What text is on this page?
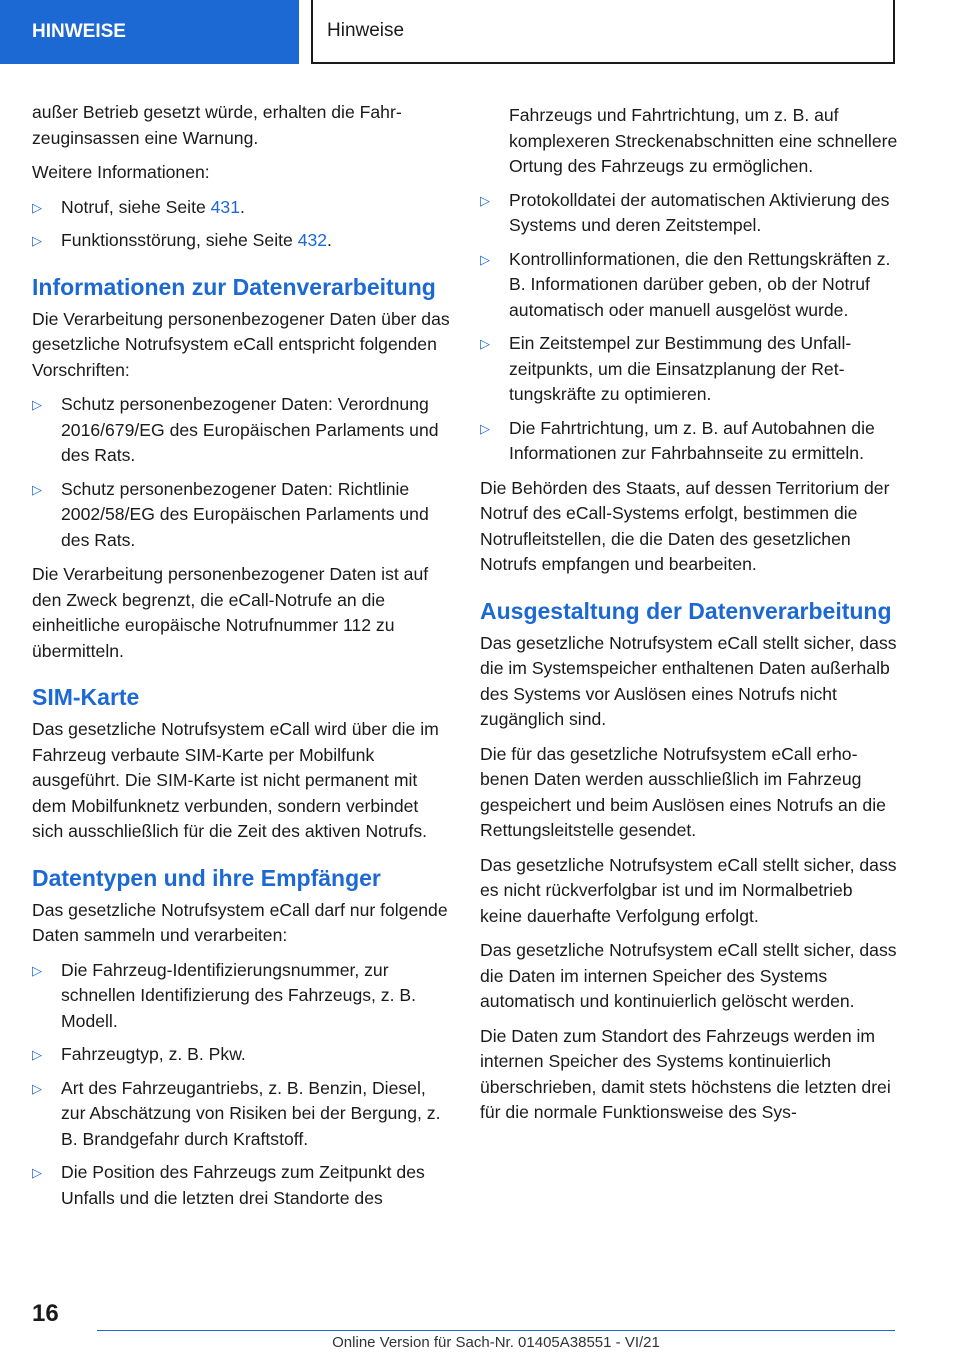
HINWEISE	Hinweise

außer Betrieb gesetzt würde, erhalten die Fahrzeuginsassen eine Warnung.

Weitere Informationen:

▷ Notruf, siehe Seite 431.
▷ Funktionsstörung, siehe Seite 432.
Informationen zur Datenverarbeitung

Die Verarbeitung personenbezogener Daten über das gesetzliche Notrufsystem eCall entspricht folgenden Vorschriften:

▷ Schutz personenbezogener Daten: Verordnung 2016/679/EG des Europäischen Parlaments und des Rats.
▷ Schutz personenbezogener Daten: Richtlinie 2002/58/EG des Europäischen Parlaments und des Rats.

Die Verarbeitung personenbezogener Daten ist auf den Zweck begrenzt, die eCall-Notrufe an die einheitliche europäische Notrufnummer 112 zu übermitteln.

SIM-Karte

Das gesetzliche Notrufsystem eCall wird über die im Fahrzeug verbaute SIM-Karte per Mobilfunk ausgeführt. Die SIM-Karte ist nicht permanent mit dem Mobilfunknetz verbunden, sondern verbindet sich ausschließlich für die Zeit des aktiven Notrufs.

Datentypen und ihre Empfänger

Das gesetzliche Notrufsystem eCall darf nur folgende Daten sammeln und verarbeiten:

▷ Die Fahrzeug-Identifizierungsnummer, zur schnellen Identifizierung des Fahrzeugs, z. B. Modell.
▷ Fahrzeugtyp, z. B. Pkw.
▷ Art des Fahrzeugantriebs, z. B. Benzin, Diesel, zur Abschätzung von Risiken bei der Bergung, z. B. Brandgefahr durch Kraftstoff.
▷ Die Position des Fahrzeugs zum Zeitpunkt des Unfalls und die letzten drei Standorte des
Fahrzeugs und Fahrtrichtung, um z. B. auf komplexeren Streckenabschnitten eine schnellere Ortung des Fahrzeugs zu ermöglichen.
▷ Protokolldatei der automatischen Aktivierung des Systems und deren Zeitstempel.
▷ Kontrollinformationen, die den Rettungskräften z. B. Informationen darüber geben, ob der Notruf automatisch oder manuell ausgelöst wurde.
▷ Ein Zeitstempel zur Bestimmung des Unfallzeitpunkts, um die Einsatzplanung der Rettungskräfte zu optimieren.
▷ Die Fahrtrichtung, um z. B. auf Autobahnen die Informationen zur Fahrbahnseite zu ermitteln.

Die Behörden des Staats, auf dessen Territorium der Notruf des eCall-Systems erfolgt, bestimmen die Notrufleitstellen, die die Daten des gesetzlichen Notrufs empfangen und bearbeiten.

Ausgestaltung der Datenverarbeitung

Das gesetzliche Notrufsystem eCall stellt sicher, dass die im Systemspeicher enthaltenen Daten außerhalb des Systems vor Auslösen eines Notrufs nicht zugänglich sind.

Die für das gesetzliche Notrufsystem eCall erhobenen Daten werden ausschließlich im Fahrzeug gespeichert und beim Auslösen eines Notrufs an die Rettungsleitstelle gesendet.

Das gesetzliche Notrufsystem eCall stellt sicher, dass es nicht rückverfolgbar ist und im Normalbetrieb keine dauerhafte Verfolgung erfolgt.

Das gesetzliche Notrufsystem eCall stellt sicher, dass die Daten im internen Speicher des Systems automatisch und kontinuierlich gelöscht werden.

Die Daten zum Standort des Fahrzeugs werden im internen Speicher des Systems kontinuierlich überschrieben, damit stets höchstens die letzten drei für die normale Funktionsweise des Sys-

16
Online Version für Sach-Nr. 01405A38551 - VI/21
